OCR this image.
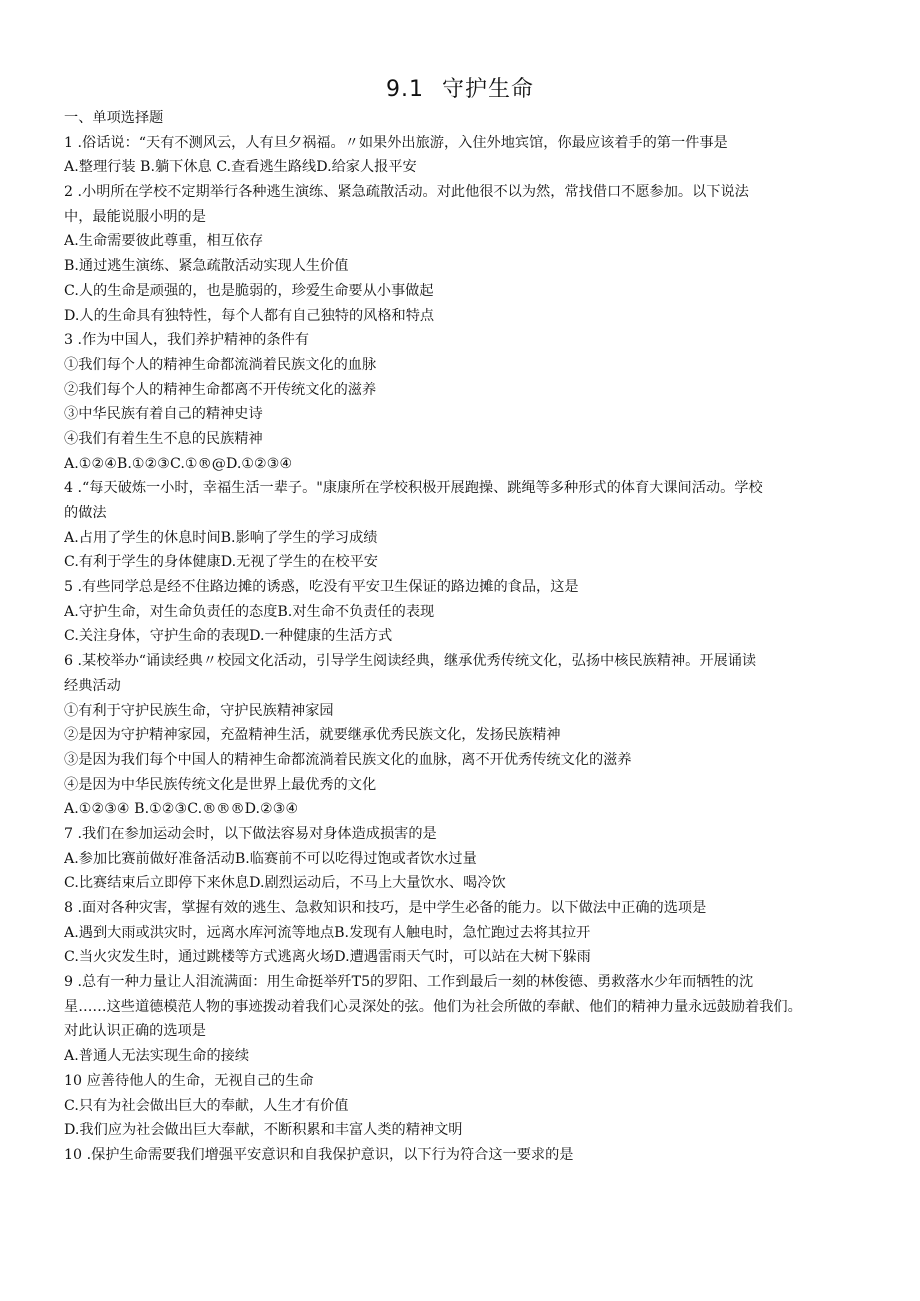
9.1 守护生命
一、单项选择题
1 .俗话说：“天有不测风云，人有旦夕祸福。〃如果外出旅游，入住外地宾馆，你最应该着手的第一件事是
A.整理行装 B.躺下休息 C.查看逃生路线D.给家人报平安
2 .小明所在学校不定期举行各种逃生演练、紧急疏散活动。对此他很不以为然，常找借口不愿参加。以下说法
中，最能说服小明的是
A.生命需要彼此尊重，相互依存
B.通过逃生演练、紧急疏散活动实现人生价值
C.人的生命是顽强的，也是脆弱的，珍爱生命要从小事做起
D.人的生命具有独特性，每个人都有自己独特的风格和特点
3 .作为中国人，我们养护精神的条件有
①我们每个人的精神生命都流淌着民族文化的血脉
②我们每个人的精神生命都离不开传统文化的滋养
③中华民族有着自己的精神史诗
④我们有着生生不息的民族精神
A.①②④B.①②③C.①®@D.①②③④
4 .“每天破炼一小时，幸福生活一辈子。"康康所在学校积极开展跑操、跳绳等多种形式的体育大课间活动。学校
的做法
A.占用了学生的休息时间B.影响了学生的学习成绩
C.有利于学生的身体健康D.无视了学生的在校平安
5 .有些同学总是经不住路边摊的诱惑，吃没有平安卫生保证的路边摊的食品，这是
A.守护生命，对生命负责任的态度B.对生命不负责任的表现
C.关注身体，守护生命的表现D.一种健康的生活方式
6 .某校举办“诵读经典〃校园文化活动，引导学生阅读经典，继承优秀传统文化，弘扬中核民族精神。开展诵读
经典活动
①有利于守护民族生命，守护民族精神家园
②是因为守护精神家园，充盈精神生活，就要继承优秀民族文化，发扬民族精神
③是因为我们每个中国人的精神生命都流淌着民族文化的血脉，离不开优秀传统文化的滋养
④是因为中华民族传统文化是世界上最优秀的文化
A.①②③④ B.①②③C.®®®D.②③④
7 .我们在参加运动会时，以下做法容易对身体造成损害的是
A.参加比赛前做好准备活动B.临赛前不可以吃得过饱或者饮水过量
C.比赛结束后立即停下来休息D.剧烈运动后，不马上大量饮水、喝冷饮
8 .面对各种灾害，掌握有效的逃生、急救知识和技巧，是中学生必备的能力。以下做法中正确的选项是
A.遇到大雨或洪灾时，远离水库河流等地点B.发现有人触电时，急忙跑过去将其拉开
C.当火灾发生时，通过跳楼等方式逃离火场D.遭遇雷雨天气时，可以站在大树下躲雨
9 .总有一种力量让人泪流满面：用生命挺举歼T5的罗阳、工作到最后一刻的林俊德、勇救落水少年而牺牲的沈
星……这些道德模范人物的事迹拨动着我们心灵深处的弦。他们为社会所做的奉献、他们的精神力量永远鼓励着我们。
对此认识正确的选项是
A.普通人无法实现生命的接续
10 应善待他人的生命，无视自己的生命
C.只有为社会做出巨大的奉献，人生才有价值
D.我们应为社会做出巨大奉献，不断积累和丰富人类的精神文明
10 .保护生命需要我们增强平安意识和自我保护意识，以下行为符合这一要求的是
